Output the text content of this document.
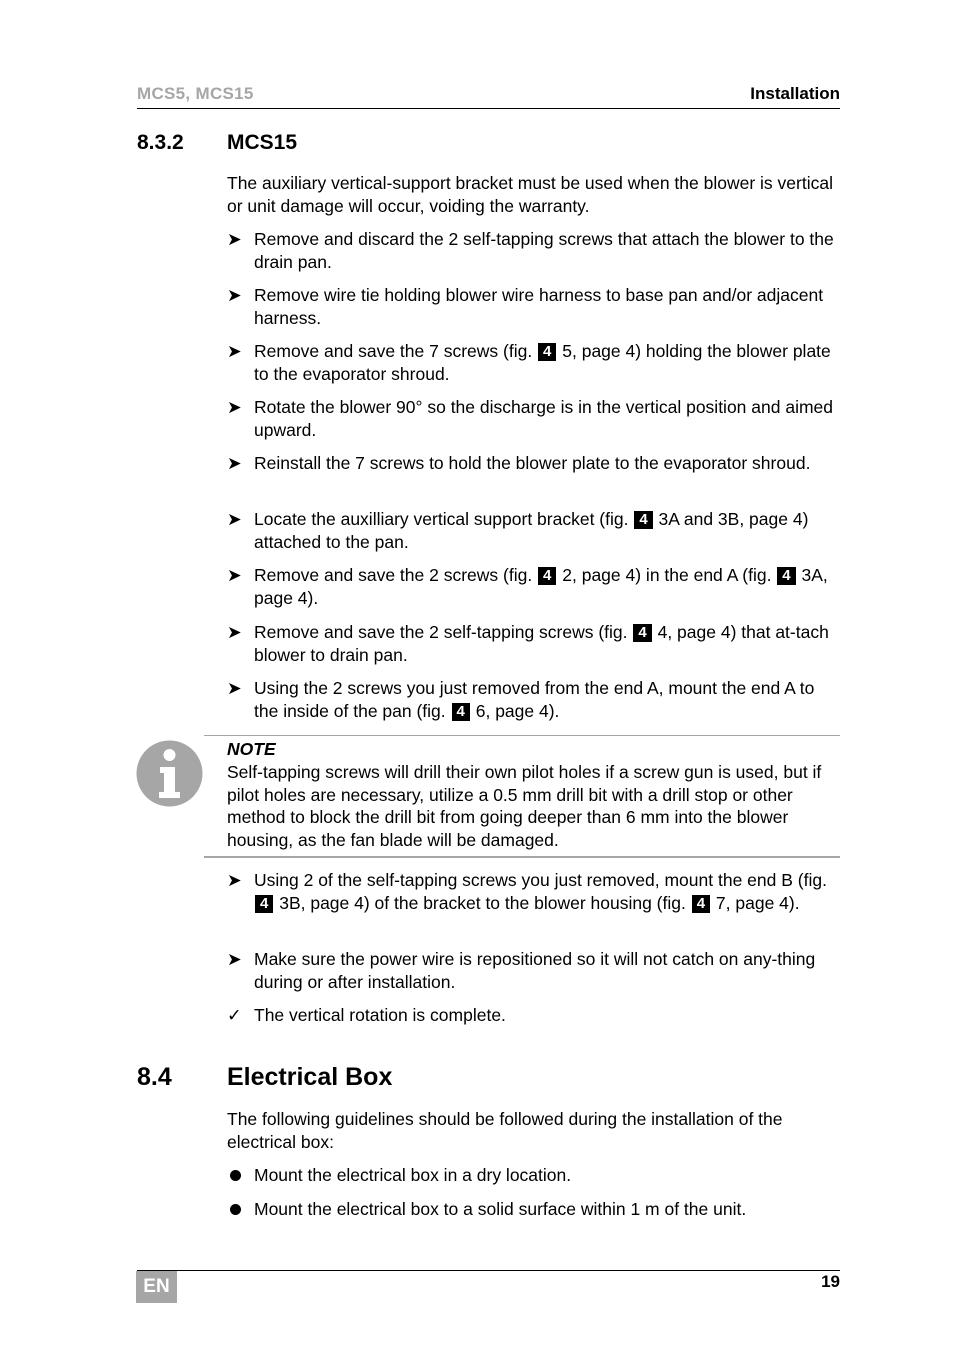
MCS5, MCS15	Installation
8.3.2 MCS15
The auxiliary vertical-support bracket must be used when the blower is vertical or unit damage will occur, voiding the warranty.
➤ Remove and discard the 2 self-tapping screws that attach the blower to the drain pan.
➤ Remove wire tie holding blower wire harness to base pan and/or adjacent harness.
➤ Remove and save the 7 screws (fig. 4 5, page 4) holding the blower plate to the evaporator shroud.
➤ Rotate the blower 90° so the discharge is in the vertical position and aimed upward.
➤ Reinstall the 7 screws to hold the blower plate to the evaporator shroud.
➤ Locate the auxilliary vertical support bracket (fig. 4 3A and 3B, page 4) attached to the pan.
➤ Remove and save the 2 screws (fig. 4 2, page 4) in the end A (fig. 4 3A, page 4).
➤ Remove and save the 2 self-tapping screws (fig. 4 4, page 4) that at-tach blower to drain pan.
➤ Using the 2 screws you just removed from the end A, mount the end A to the inside of the pan (fig. 4 6, page 4).
NOTE
Self-tapping screws will drill their own pilot holes if a screw gun is used, but if pilot holes are necessary, utilize a 0.5 mm drill bit with a drill stop or other method to block the drill bit from going deeper than 6 mm into the blower housing, as the fan blade will be damaged.
➤ Using 2 of the self-tapping screws you just removed, mount the end B (fig. 4 3B, page 4) of the bracket to the blower housing (fig. 4 7, page 4).
➤ Make sure the power wire is repositioned so it will not catch on any-thing during or after installation.
✓ The vertical rotation is complete.
8.4 Electrical Box
The following guidelines should be followed during the installation of the electrical box:
Mount the electrical box in a dry location.
Mount the electrical box to a solid surface within 1 m of the unit.
EN	19
